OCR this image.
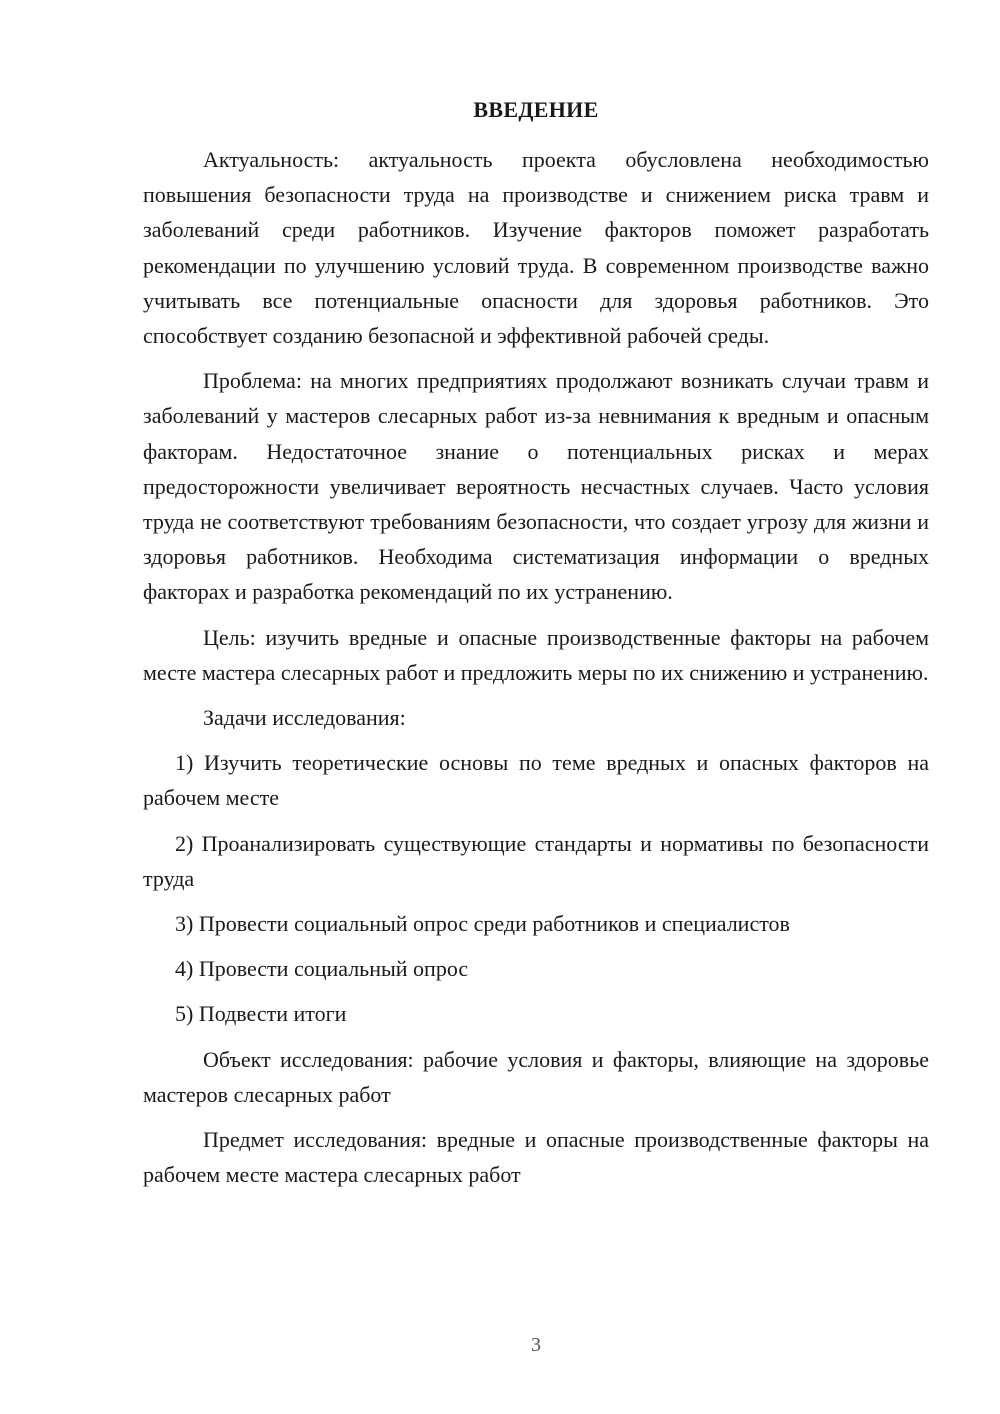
ВВЕДЕНИЕ

Актуальность: актуальность проекта обусловлена необходимостью повышения безопасности труда на производстве и снижением риска травм и заболеваний среди работников. Изучение факторов поможет разработать рекомендации по улучшению условий труда. В современном производстве важно учитывать все потенциальные опасности для здоровья работников. Это способствует созданию безопасной и эффективной рабочей среды.

Проблема: на многих предприятиях продолжают возникать случаи травм и заболеваний у мастеров слесарных работ из-за невнимания к вредным и опасным факторам. Недостаточное знание о потенциальных рисках и мерах предосторожности увеличивает вероятность несчастных случаев. Часто условия труда не соответствуют требованиям безопасности, что создает угрозу для жизни и здоровья работников. Необходима систематизация информации о вредных факторах и разработка рекомендаций по их устранению.

Цель: изучить вредные и опасные производственные факторы на рабочем месте мастера слесарных работ и предложить меры по их снижению и устранению.

Задачи исследования:

1) Изучить теоретические основы по теме вредных и опасных факторов на рабочем месте

2) Проанализировать существующие стандарты и нормативы по безопасности труда

3) Провести социальный опрос среди работников и специалистов

4) Провести социальный опрос

5) Подвести итоги

Объект исследования: рабочие условия и факторы, влияющие на здоровье мастеров слесарных работ

Предмет исследования: вредные и опасные производственные факторы на рабочем месте мастера слесарных работ

3
